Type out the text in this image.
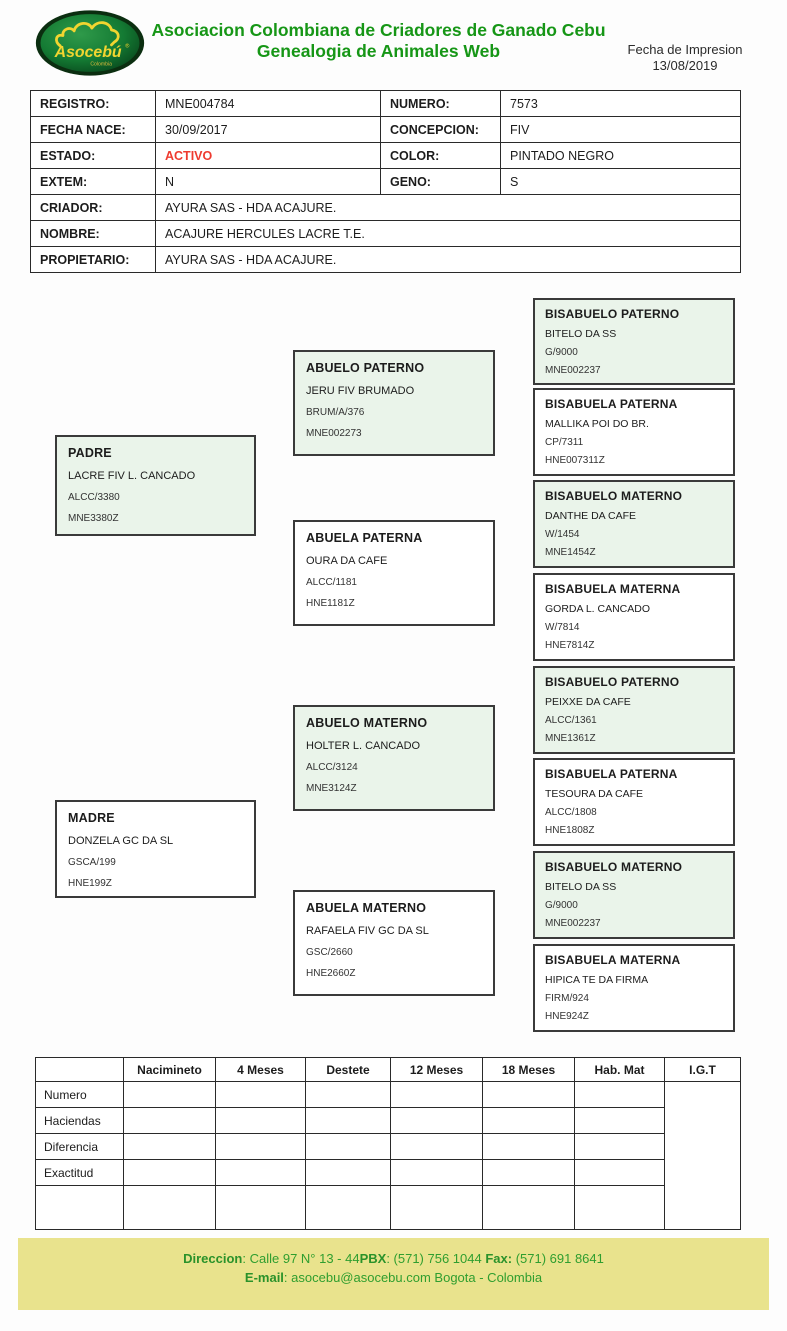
Asocebú ®
Colombia
Asociacion Colombiana de Criadores de Ganado Cebu
Genealogia de Animales Web	Fecha de Impresion
13/08/2019
REGISTRO:	MNE004784	NUMERO:	7573
FECHA NACE:	30/09/2017	CONCEPCION:	FIV
ESTADO:	ACTIVO	COLOR:	PINTADO NEGRO
EXTEM:	N	GENO:	S
CRIADOR:	AYURA SAS - HDA ACAJURE.		
NOMBRE:	ACAJURE HERCULES LACRE T.E.		
PROPIETARIO:	AYURA SAS - HDA ACAJURE.		
PADRE
LACRE FIV L. CANCADO
ALCC/3380
MNE3380Z
MADRE
DONZELA GC DA SL
GSCA/199
HNE199Z
ABUELO PATERNO
JERU FIV BRUMADO
BRUM/A/376
MNE002273
ABUELA PATERNA
OURA DA CAFE
ALCC/1181
HNE1181Z
ABUELO MATERNO
HOLTER L. CANCADO
ALCC/3124
MNE3124Z
ABUELA MATERNO
RAFAELA FIV GC DA SL
GSC/2660
HNE2660Z
BISABUELO PATERNO
BITELO DA SS
G/9000
MNE002237
BISABUELA PATERNA
MALLIKA POI DO BR.
CP/7311
HNE007311Z
BISABUELO MATERNO
DANTHE DA CAFE
W/1454
MNE1454Z
BISABUELA MATERNA
GORDA L. CANCADO
W/7814
HNE7814Z
BISABUELO PATERNO
PEIXXE DA CAFE
ALCC/1361
MNE1361Z
BISABUELA PATERNA
TESOURA DA CAFE
ALCC/1808
HNE1808Z
BISABUELO MATERNO
BITELO DA SS
G/9000
MNE002237
BISABUELA MATERNA
HIPICA TE DA FIRMA
FIRM/924
HNE924Z
	Nacimineto	4 Meses	Destete	12 Meses	18 Meses	Hab. Mat	I.G.T
Numero							
Haciendas							
Diferencia							
Exactitud							

Direccion: Calle 97 N° 13 - 44PBX: (571) 756 1044 Fax: (571) 691 8641
E-mail: asocebu@asocebu.com Bogota - Colombia
